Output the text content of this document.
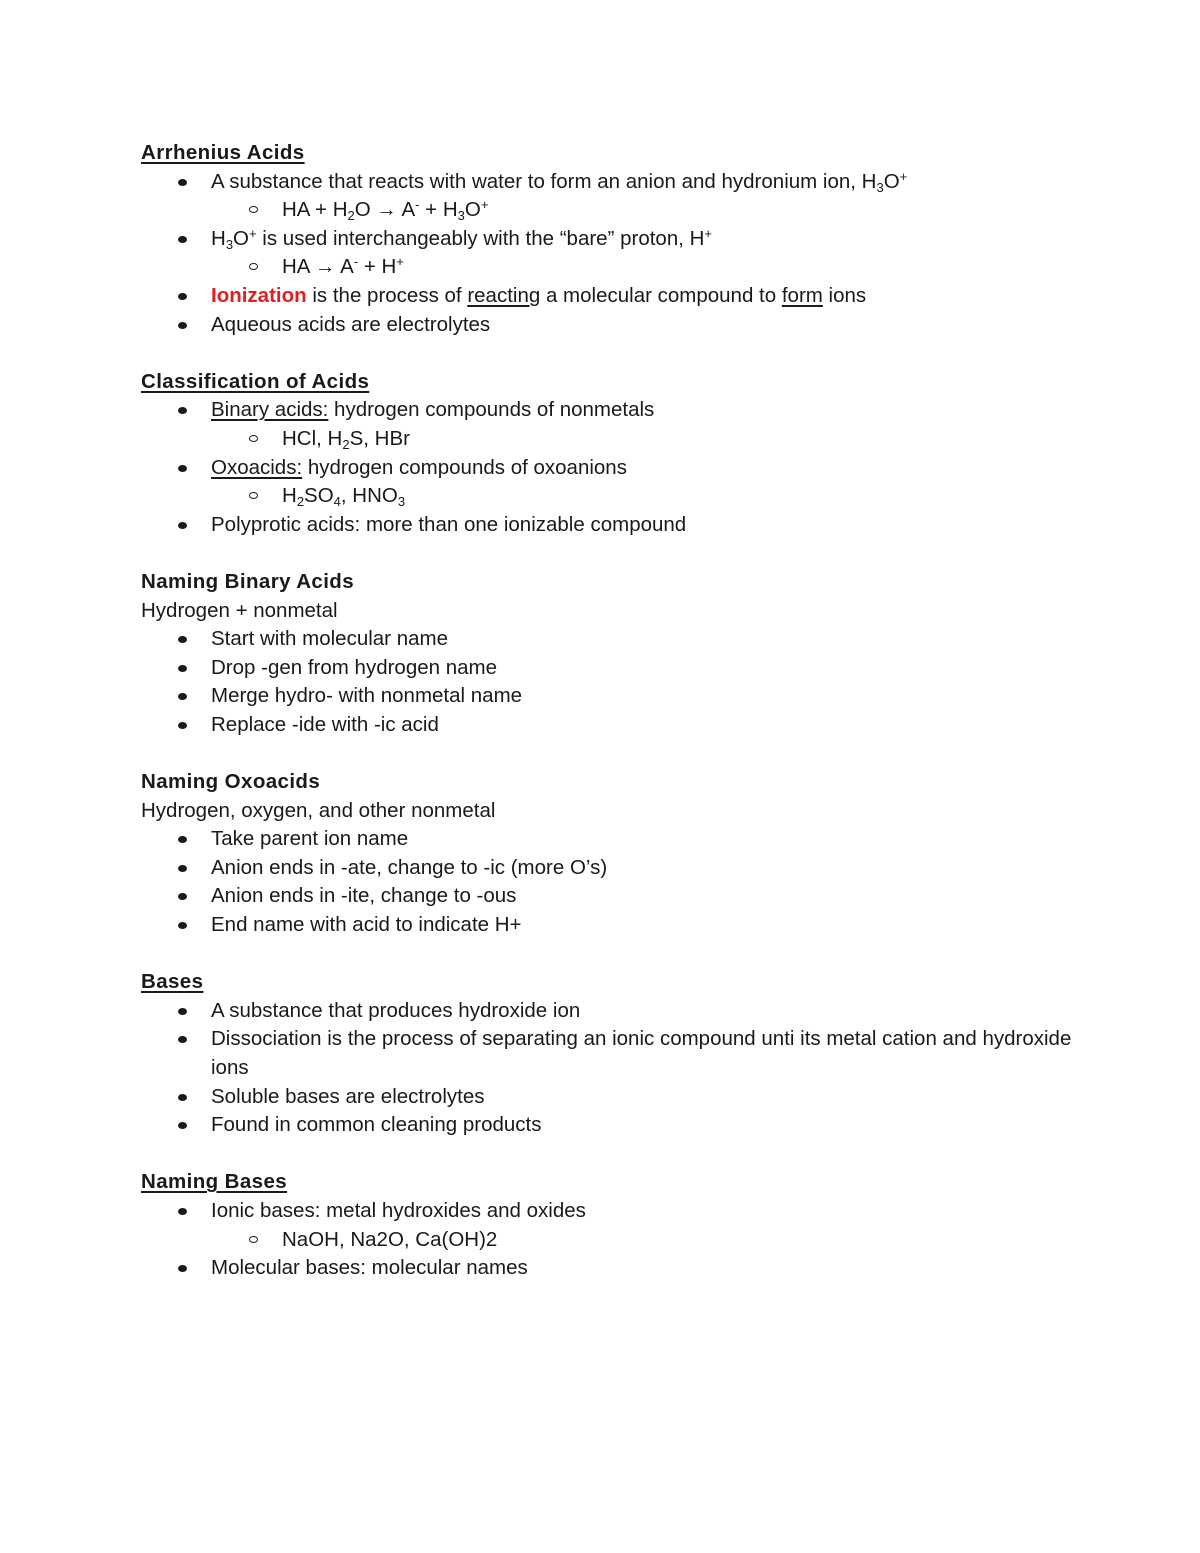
Arrhenius Acids

A substance that reacts with water to form an anion and hydronium ion, $H_3O^+$
HA + $H_2O \to A^- + H_3O^+$
$H_3O^+$ is used interchangeably with the “bare” proton, H+
HA → A- + H+
Ionization is the process of reacting a molecular compound to form ions
Aqueous acids are electrolytes

Classification of Acids

Binary acids: hydrogen compounds of nonmetals
HCl, $H_2S$, HBr
Oxoacids: hydrogen compounds of oxoanions
$H_2SO_4$, $HNO_3$
Polyprotic acids: more than one ionizable compound

Naming Binary Acids

Hydrogen + nonmetal

Start with molecular name
Drop -gen from hydrogen name
Merge hydro- with nonmetal name
Replace -ide with -ic acid

Naming Oxoacids

Hydrogen, oxygen, and other nonmetal

Take parent ion name
Anion ends in -ate, change to -ic (more O’s)
Anion ends in -ite, change to -ous
End name with acid to indicate H+

Bases

A substance that produces hydroxide ion
Dissociation is the process of separating an ionic compound unti its metal cation and hydroxide ions
Soluble bases are electrolytes
Found in common cleaning products

Naming Bases

Ionic bases: metal hydroxides and oxides
NaOH, Na2O, Ca(OH)2
Molecular bases: molecular names
